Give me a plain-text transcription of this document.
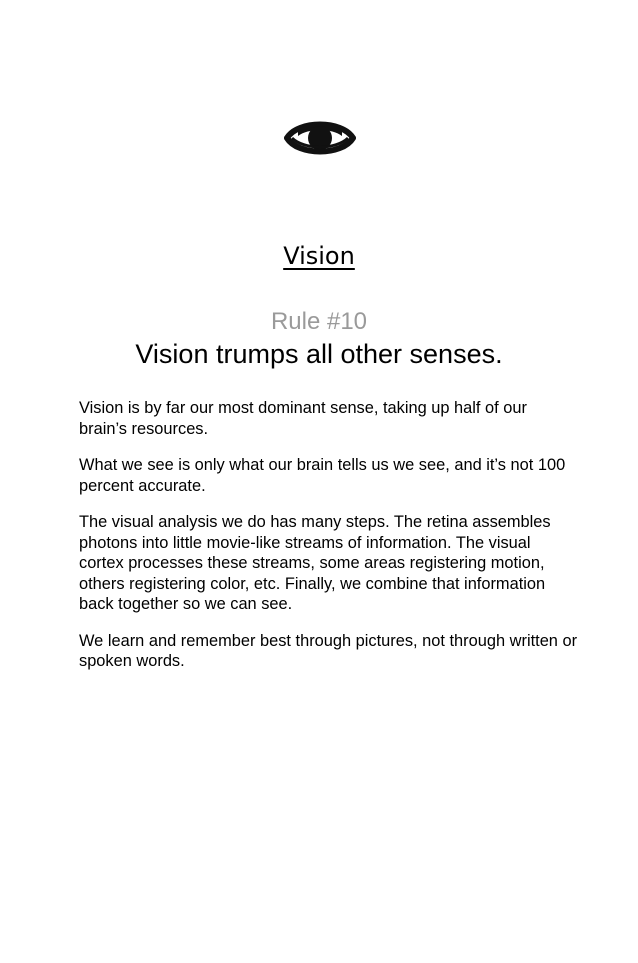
Vision
Rule #10
Vision trumps all other senses.

Vision is by far our most dominant sense, taking up half of our brain’s resources.

What we see is only what our brain tells us we see, and it’s not 100 percent accurate.

The visual analysis we do has many steps. The retina assembles photons into little movie-like streams of information. The visual cortex processes these streams, some areas registering motion, others registering color, etc. Finally, we combine that information back together so we can see.

We learn and remember best through pictures, not through written or spoken words.
